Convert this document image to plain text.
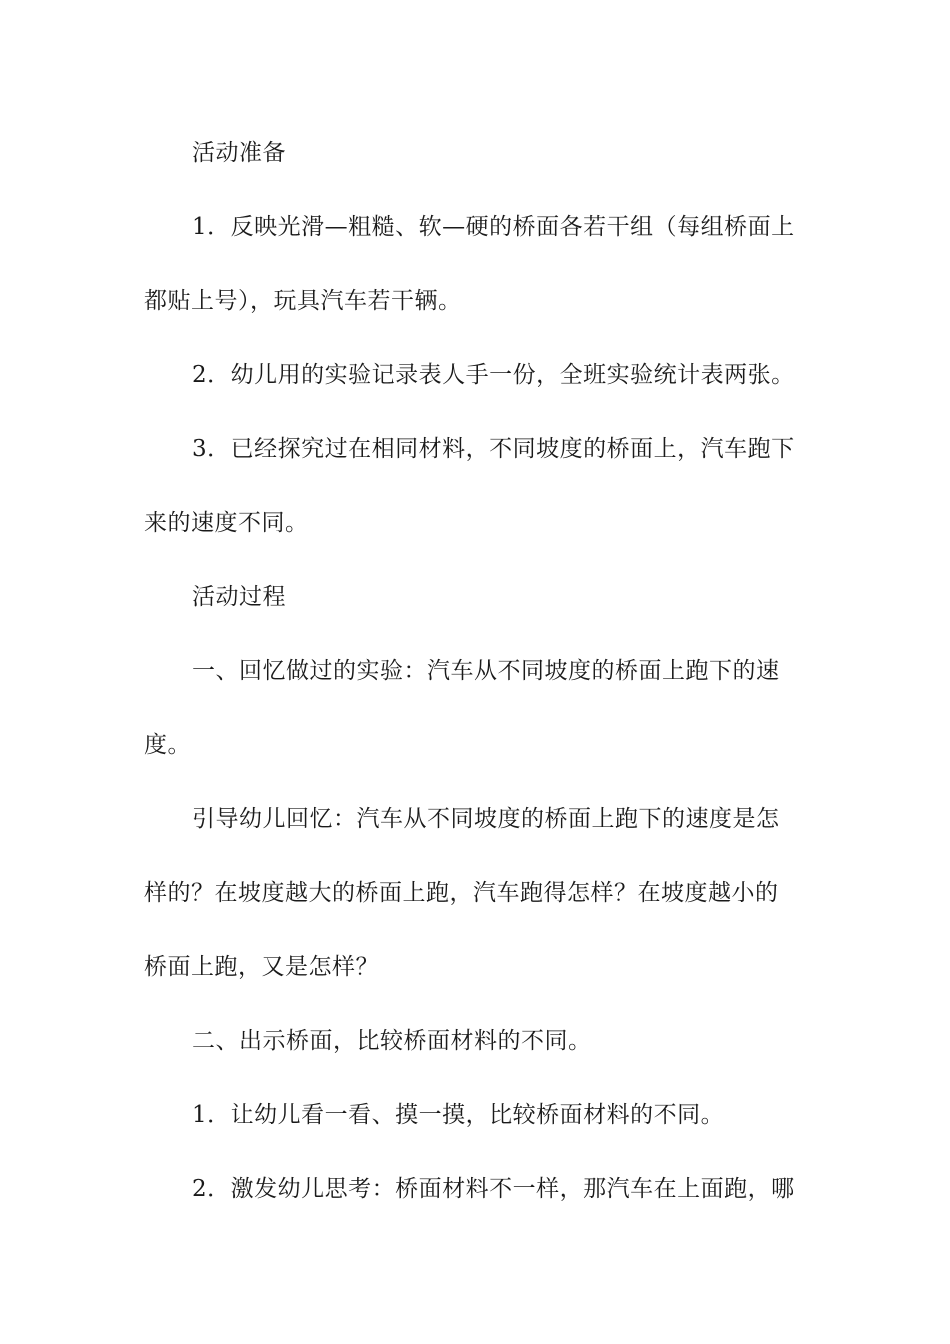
活动准备
1．反映光滑—粗糙、软—硬的桥面各若干组（每组桥面上
都贴上号），玩具汽车若干辆。
2．幼儿用的实验记录表人手一份，全班实验统计表两张。
3．已经探究过在相同材料，不同坡度的桥面上，汽车跑下
来的速度不同。
活动过程
一、回忆做过的实验：汽车从不同坡度的桥面上跑下的速
度。
引导幼儿回忆：汽车从不同坡度的桥面上跑下的速度是怎
样的？在坡度越大的桥面上跑，汽车跑得怎样？在坡度越小的
桥面上跑，又是怎样？
二、出示桥面，比较桥面材料的不同。
1．让幼儿看一看、摸一摸，比较桥面材料的不同。
2．激发幼儿思考：桥面材料不一样，那汽车在上面跑，哪
